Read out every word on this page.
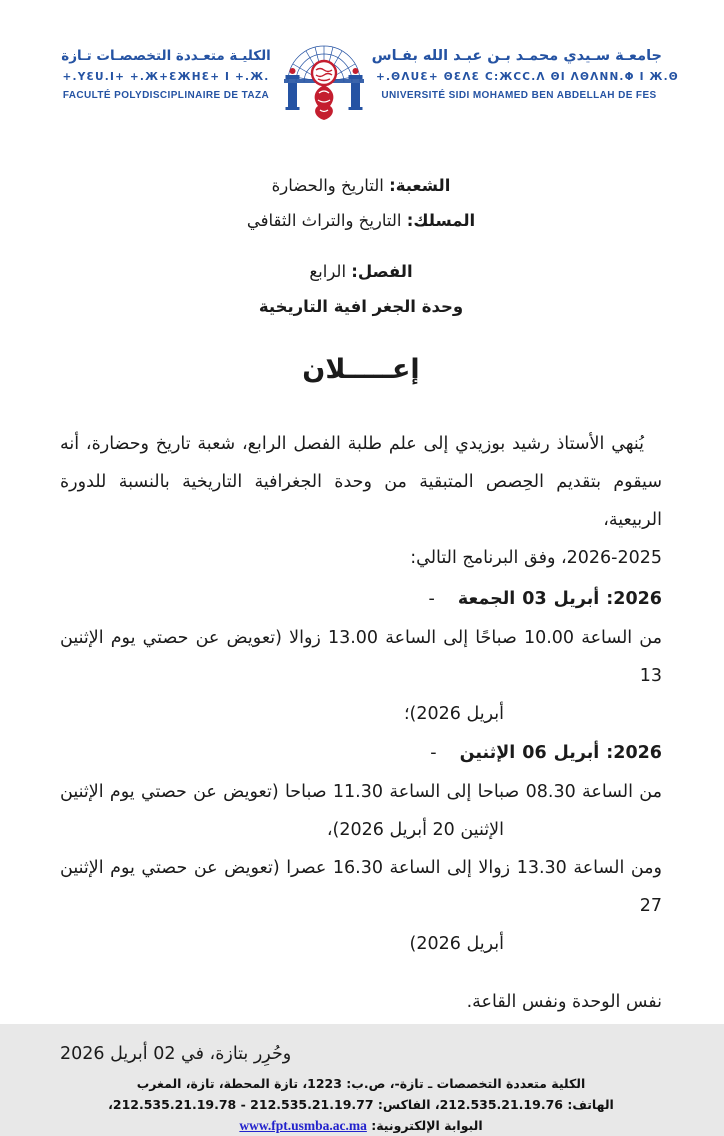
الكليـة متعـددة التخصصـات تـازة
+.ΥƐU.Ι+ +.Ж+ƐЖΗƐ+ Ι +.Ж.
FACULTÉ POLYDISCIPLINAIRE DE TAZA
جامعـة سـيدي محمـد بـن عبـد الله بفـاس
+.ΘΛUƐ+ ΘƐΛƐ C:ЖCC.Λ ΘΙ ΛΘΛΝΝ.Φ Ι Ж.Θ
UNIVERSITÉ SIDI MOHAMED BEN ABDELLAH DE FES
الشعبة: التاريخ والحضارة
المسلك: التاريخ والتراث الثقافي
الفصل: الرابع
وحدة الجغر افية التاريخية
إعـــــلان
يُنهي الأستاذ رشيد بوزيدي إلى علم طلبة الفصل الرابع، شعبة تاريخ وحضارة، أنه
سيقوم بتقديم الحِصص المتبقية من وحدة الجغرافية التاريخية بالنسبة للدورة الربيعية،
2026-2025، وفق البرنامج التالي:
- الجمعة 03 أبريل 2026:
من الساعة 10.00 صباحًا إلى الساعة 13.00 زوالا (تعويض عن حصتي يوم الإثنين 13
أبريل 2026)؛
- الإثنين 06 أبريل 2026:
من الساعة 08.30 صباحا إلى الساعة 11.30 صباحا (تعويض عن حصتي يوم الإثنين
الإثنين 20 أبريل 2026)،
ومن الساعة 13.30 زوالا إلى الساعة 16.30 عصرا (تعويض عن حصتي يوم الإثنين 27
أبريل 2026)
نفس الوحدة ونفس القاعة.
وحُرِر بتازة، في 02 أبريل 2026
الكلية متعددة التخصصات ـ تازة-، ص.ب: 1223، تازة المحطة، تازة، المغرب
الهاتف: 212.535.21.19.76، الفاكس: 212.535.21.19.77 - 212.535.21.19.78،
البوابة الإلكترونية: www.fpt.usmba.ac.ma
